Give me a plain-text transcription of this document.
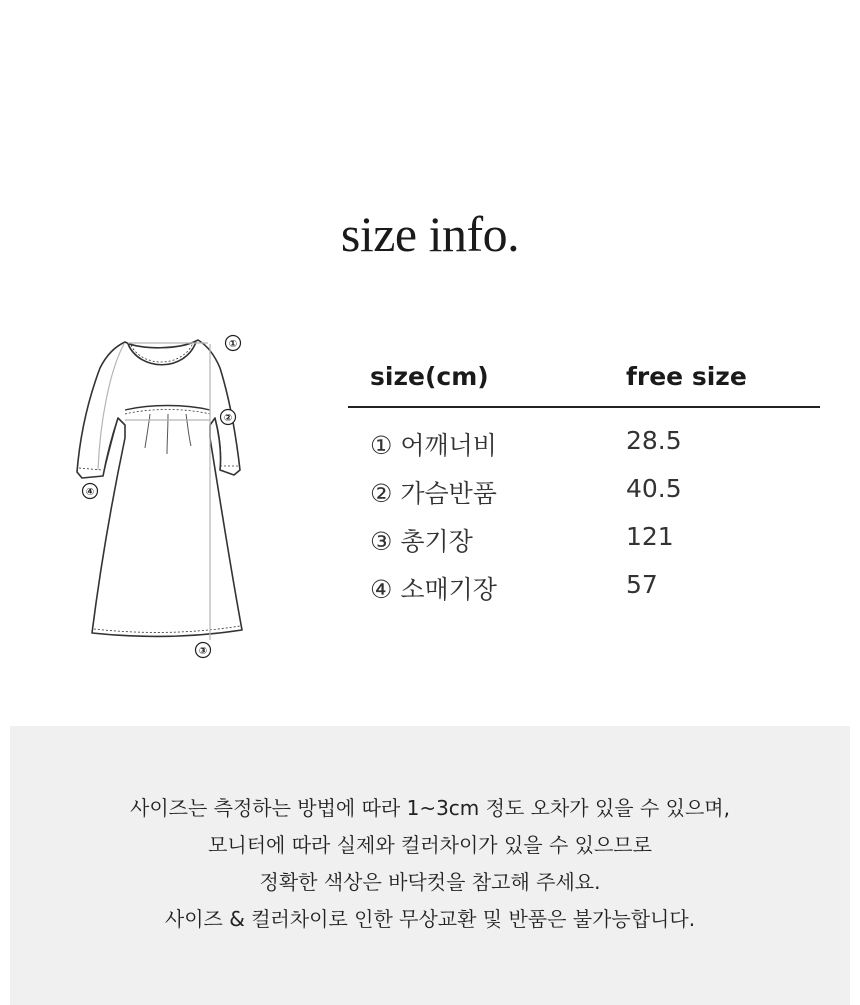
size info.
①
②
③
④
size(cm)	free size
① 어깨너비	28.5
② 가슴반품	40.5
③ 총기장	121
④ 소매기장	57
사이즈는 측정하는 방법에 따라 1~3cm 정도 오차가 있을 수 있으며,
모니터에 따라 실제와 컬러차이가 있을 수 있으므로
정확한 색상은 바닥컷을 참고해 주세요.
사이즈 & 컬러차이로 인한 무상교환 및 반품은 불가능합니다.
